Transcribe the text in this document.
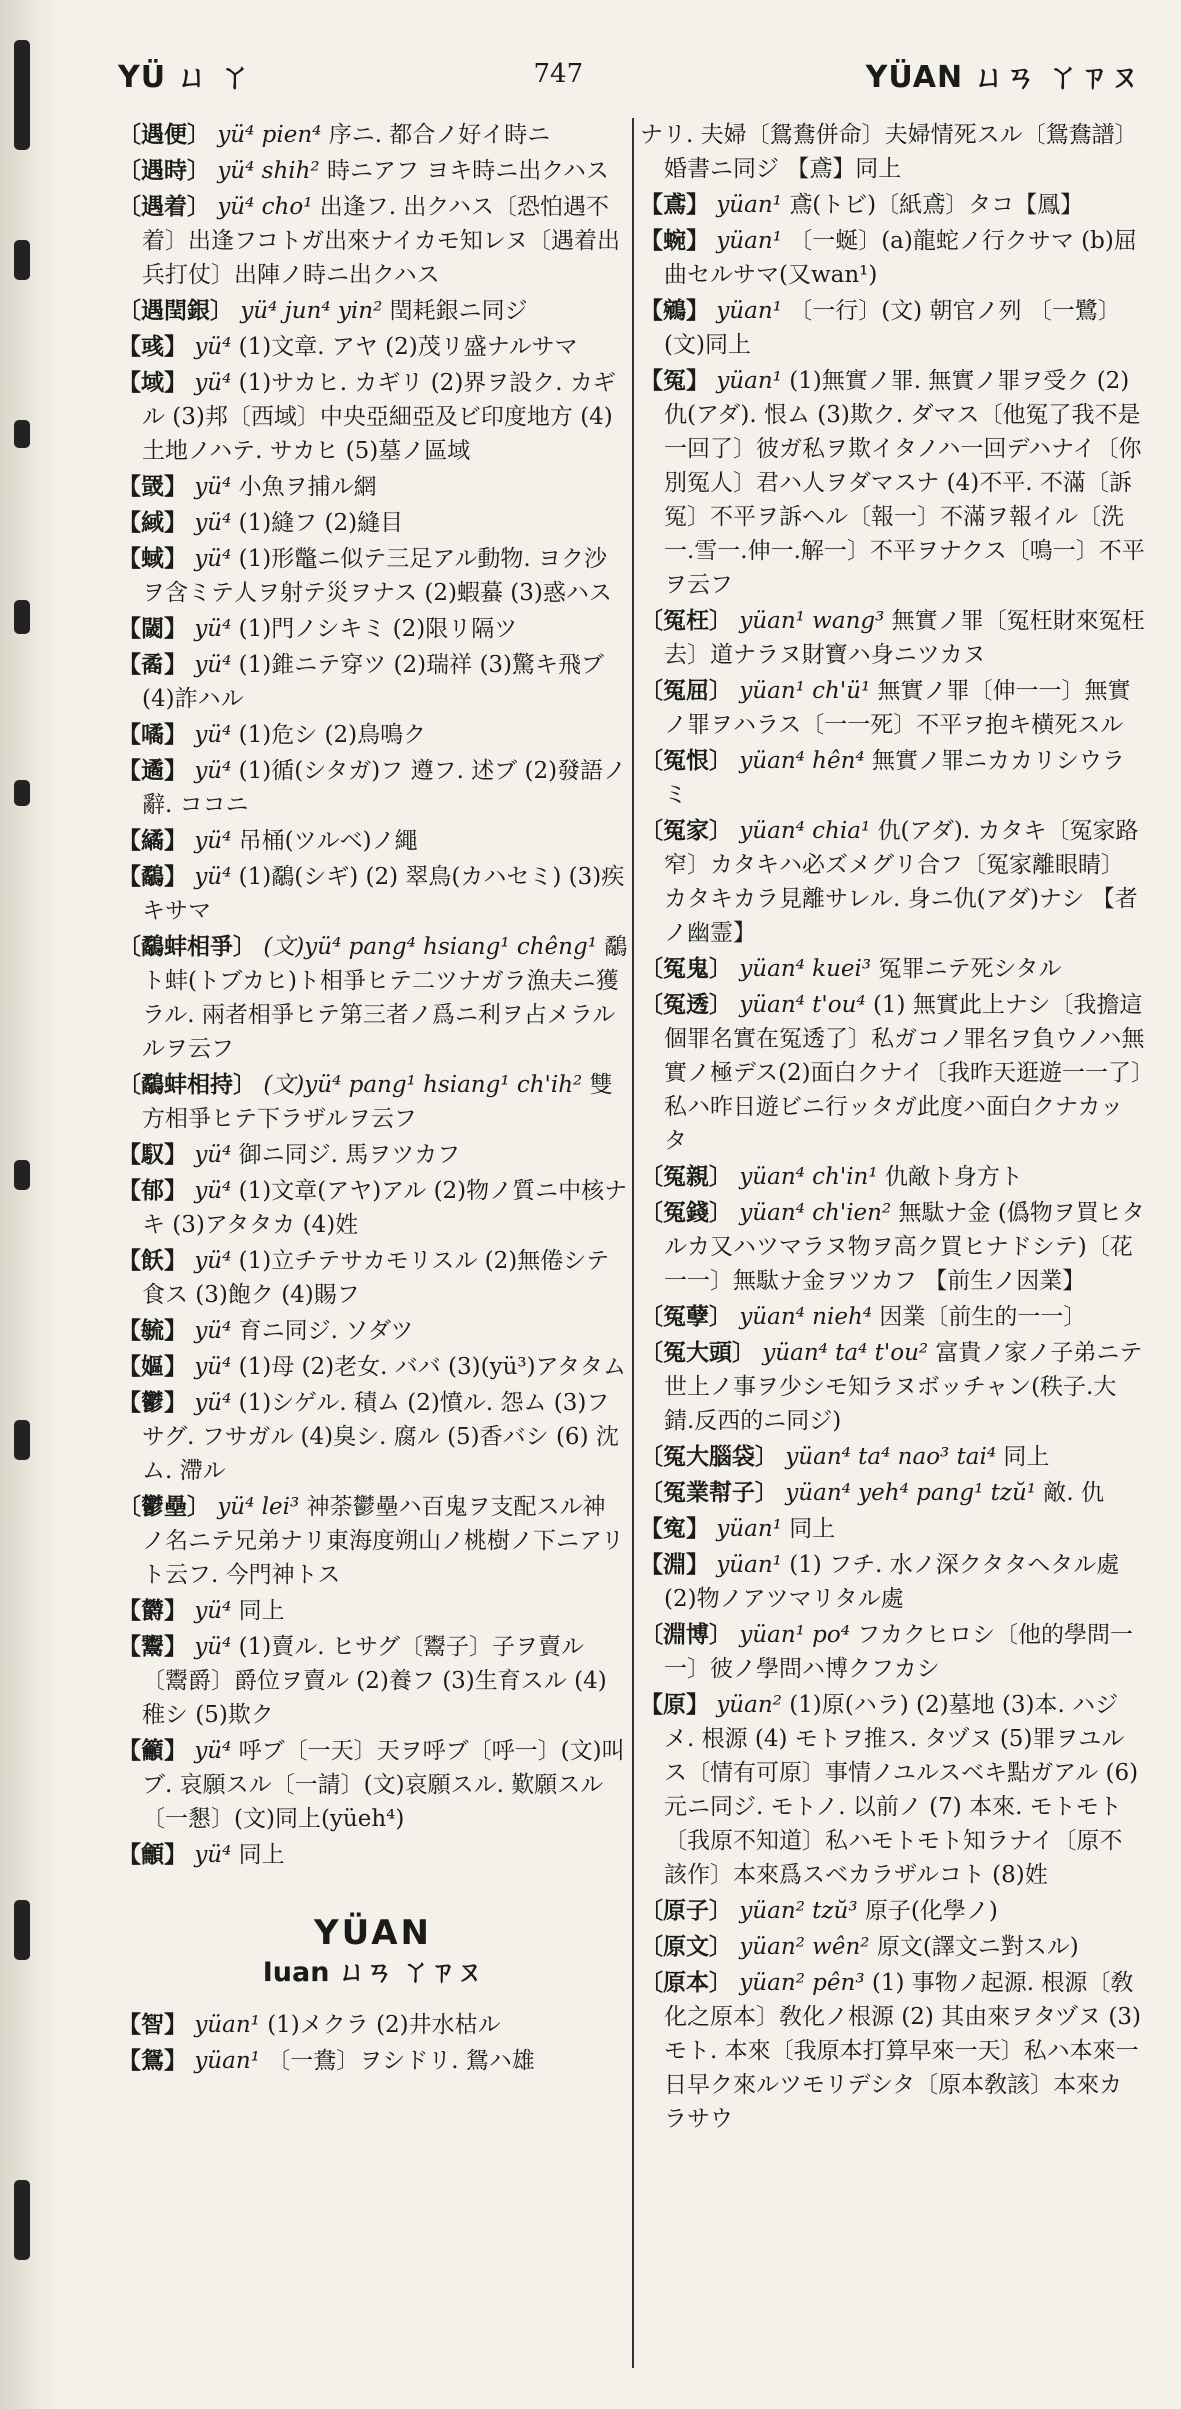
YÜ ㄩ ㄚ	747	YÜAN ㄩㄢ ㄚㄗㄡ
〔遇便〕 yü⁴ pien⁴ 序ニ. 都合ノ好イ時ニ
〔遇時〕 yü⁴ shih² 時ニアフ ヨキ時ニ出クハス
〔遇着〕 yü⁴ cho¹ 出逢フ. 出クハス〔恐怕遇不着〕出逢フコトガ出來ナイカモ知レヌ〔遇着出兵打仗〕出陣ノ時ニ出クハス
〔遇閏銀〕 yü⁴ jun⁴ yin² 閏耗銀ニ同ジ
【彧】 yü⁴ (1)文章. アヤ (2)茂リ盛ナルサマ
【域】 yü⁴ (1)サカヒ. カギリ (2)界ヲ設ク. カギル (3)邦〔西域〕中央亞細亞及ビ印度地方 (4) 土地ノハテ. サカヒ (5)墓ノ區域
【罭】 yü⁴ 小魚ヲ捕ル網
【緎】 yü⁴ (1)縫フ (2)縫目
【蜮】 yü⁴ (1)形鼈ニ似テ三足アル動物. ヨク沙ヲ含ミテ人ヲ射テ災ヲナス (2)蝦蟇 (3)惑ハス
【閾】 yü⁴ (1)門ノシキミ (2)限リ隔ツ
【矞】 yü⁴ (1)錐ニテ穿ツ (2)瑞祥 (3)驚キ飛ブ (4)詐ハル
【噊】 yü⁴ (1)危シ (2)鳥鳴ク
【遹】 yü⁴ (1)循(シタガ)フ 遵フ. 述ブ (2)發語ノ辭. ココニ
【繘】 yü⁴ 吊桶(ツルベ)ノ繩
【鷸】 yü⁴ (1)鷸(シギ) (2) 翠鳥(カハセミ) (3)疾キサマ
〔鷸蚌相爭〕 (文)yü⁴ pang⁴ hsiang¹ chêng¹ 鷸ト蚌(トブカヒ)ト相爭ヒテ二ツナガラ漁夫ニ獲ラル. 兩者相爭ヒテ第三者ノ爲ニ利ヲ占メラルルヲ云フ
〔鷸蚌相持〕 (文)yü⁴ pang¹ hsiang¹ ch'ih² 雙方相爭ヒテ下ラザルヲ云フ
【馭】 yü⁴ 御ニ同ジ. 馬ヲツカフ
【郁】 yü⁴ (1)文章(アヤ)アル (2)物ノ質ニ中核ナキ (3)アタタカ (4)姓
【飫】 yü⁴ (1)立チテサカモリスル (2)無倦シテ食ス (3)飽ク (4)賜フ
【毓】 yü⁴ 育ニ同ジ. ソダツ
【嫗】 yü⁴ (1)母 (2)老女. ババ (3)(yü³)アタタム
【鬱】 yü⁴ (1)シゲル. 積ム (2)憤ル. 怨ム (3)フサグ. フサガル (4)臭シ. 腐ル (5)香バシ (6) 沈ム. 滯ル
〔鬱壘〕 yü⁴ lei³ 神荼鬱壘ハ百鬼ヲ支配スル神ノ名ニテ兄弟ナリ東海度朔山ノ桃樹ノ下ニアリト云フ. 今門神トス
【欝】 yü⁴ 同上
【鬻】 yü⁴ (1)賣ル. ヒサグ〔鬻子〕子ヲ賣ル〔鬻爵〕爵位ヲ賣ル (2)養フ (3)生育スル (4)稚シ (5)欺ク
【籲】 yü⁴ 呼ブ〔一天〕天ヲ呼ブ〔呼一〕(文)叫ブ. 哀願スル〔一請〕(文)哀願スル. 歎願スル〔一懇〕(文)同上(yüeh⁴)
【龥】 yü⁴ 同上
YÜAN
Iuan ㄩㄢ ㄚㄗㄡ
【智】 yüan¹ (1)メクラ (2)井水枯ル
【鴛】 yüan¹ 〔一鴦〕ヲシドリ. 鴛ハ雄
ナリ. 夫婦〔鴛鴦併命〕夫婦情死スル〔鴛鴦譜〕婚書ニ同ジ 【鳶】同上
【鳶】 yüan¹ 鳶(トビ)〔紙鳶〕タコ【鳳】
【蜿】 yüan¹ 〔一蜒〕(a)龍蛇ノ行クサマ (b)屈曲セルサマ(又wan¹)
【鵷】 yüan¹ 〔一行〕(文) 朝官ノ列 〔一鷺〕(文)同上
【冤】 yüan¹ (1)無實ノ罪. 無實ノ罪ヲ受ク (2)仇(アダ). 恨ム (3)欺ク. ダマス〔他冤了我不是一回了〕彼ガ私ヲ欺イタノハ一回デハナイ〔你別冤人〕君ハ人ヲダマスナ (4)不平. 不滿〔訴冤〕不平ヲ訴ヘル〔報一〕不滿ヲ報イル〔洗一.雪一.伸一.解一〕不平ヲナクス〔鳴一〕不平ヲ云フ
〔冤枉〕 yüan¹ wang³ 無實ノ罪〔冤枉財來冤枉去〕道ナラヌ財寶ハ身ニツカヌ
〔冤屈〕 yüan¹ ch'ü¹ 無實ノ罪〔伸一一〕無實ノ罪ヲハラス〔一一死〕不平ヲ抱キ横死スル
〔冤恨〕 yüan⁴ hên⁴ 無實ノ罪ニカカリシウラミ
〔冤家〕 yüan⁴ chia¹ 仇(アダ). カタキ〔冤家路窄〕カタキハ必ズメグリ合フ〔冤家離眼睛〕カタキカラ見離サレル. 身ニ仇(アダ)ナシ 【者ノ幽霊】
〔冤鬼〕 yüan⁴ kuei³ 冤罪ニテ死シタル
〔冤透〕 yüan⁴ t'ou⁴ (1) 無實此上ナシ〔我擔這個罪名實在冤透了〕私ガコノ罪名ヲ負ウノハ無實ノ極デス(2)面白クナイ〔我昨天逛遊一一了〕私ハ昨日遊ビニ行ッタガ此度ハ面白クナカッタ
〔冤親〕 yüan⁴ ch'in¹ 仇敵ト身方ト
〔冤錢〕 yüan⁴ ch'ien² 無駄ナ金 (僞物ヲ買ヒタルカ又ハツマラヌ物ヲ高ク買ヒナドシテ)〔花一一〕無駄ナ金ヲツカフ 【前生ノ因業】
〔冤孽〕 yüan⁴ nieh⁴ 因業〔前生的一一〕
〔冤大頭〕 yüan⁴ ta⁴ t'ou² 富貴ノ家ノ子弟ニテ世上ノ事ヲ少シモ知ラヌボッチャン(秩子.大錆.反西的ニ同ジ)
〔冤大腦袋〕 yüan⁴ ta⁴ nao³ tai⁴ 同上
〔冤業幇子〕 yüan⁴ yeh⁴ pang¹ tzŭ¹ 敵. 仇
【寃】 yüan¹ 同上
【淵】 yüan¹ (1) フチ. 水ノ深クタタヘタル處 (2)物ノアツマリタル處
〔淵博〕 yüan¹ po⁴ フカクヒロシ〔他的學問一一〕彼ノ學問ハ博クフカシ
【原】 yüan² (1)原(ハラ) (2)墓地 (3)本. ハジメ. 根源 (4) モトヲ推ス. タヅヌ (5)罪ヲユルス〔情有可原〕事情ノユルスベキ點ガアル (6)元ニ同ジ. モトノ. 以前ノ (7) 本來. モトモト〔我原不知道〕私ハモトモト知ラナイ〔原不該作〕本來爲スベカラザルコト (8)姓
〔原子〕 yüan² tzŭ³ 原子(化學ノ)
〔原文〕 yüan² wên² 原文(譯文ニ對スル)
〔原本〕 yüan² pên³ (1) 事物ノ起源. 根源〔敎化之原本〕敎化ノ根源 (2) 其由來ヲタヅヌ (3) モト. 本來〔我原本打算早來一天〕私ハ本來一日早ク來ルツモリデシタ〔原本敎該〕本來カラサウ
